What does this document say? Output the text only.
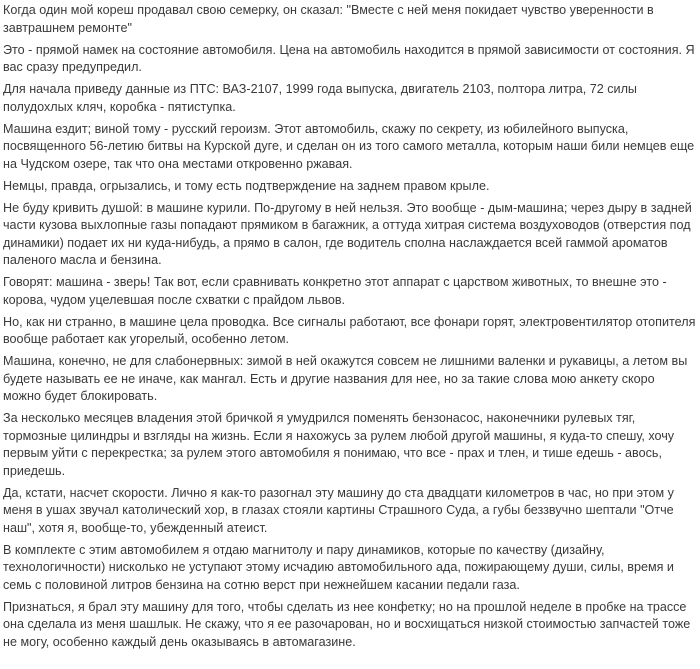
Когда один мой кореш продавал свою семерку, он сказал: "Вместе с ней меня покидает чувство уверенности в завтрашнем ремонте"

Это - прямой намек на состояние автомобиля. Цена на автомобиль находится в прямой зависимости от состояния. Я вас сразу предупредил.

Для начала приведу данные из ПТС: ВАЗ-2107, 1999 года выпуска, двигатель 2103, полтора литра, 72 силы полудохлых кляч, коробка - пятиступка.

Машина ездит; виной тому - русский героизм. Этот автомобиль, скажу по секрету, из юбилейного выпуска, посвященного 56-летию битвы на Курской дуге, и сделан он из того самого металла, которым наши били немцев еще на Чудском озере, так что она местами откровенно ржавая.

Немцы, правда, огрызались, и тому есть подтверждение на заднем правом крыле.

Не буду кривить душой: в машине курили. По-другому в ней нельзя. Это вообще - дым-машина; через дыру в задней части кузова выхлопные газы попадают прямиком в багажник, а оттуда хитрая система воздуховодов (отверстия под динамики) подает их ни куда-нибудь, а прямо в салон, где водитель сполна наслаждается всей гаммой ароматов паленого масла и бензина.

Говорят: машина - зверь! Так вот, если сравнивать конкретно этот аппарат с царством животных, то внешне это - корова, чудом уцелевшая после схватки с прайдом львов.

Но, как ни странно, в машине цела проводка. Все сигналы работают, все фонари горят, электровентилятор отопителя вообще работает как угорелый, особенно летом.

Машина, конечно, не для слабонервных: зимой в ней окажутся совсем не лишними валенки и рукавицы, а летом вы будете называть ее не иначе, как мангал. Есть и другие названия для нее, но за такие слова мою анкету скоро можно будет блокировать.

За несколько месяцев владения этой бричкой я умудрился поменять бензонасос, наконечники рулевых тяг, тормозные цилиндры и взгляды на жизнь. Если я нахожусь за рулем любой другой машины, я куда-то спешу, хочу первым уйти с перекрестка; за рулем этого автомобиля я понимаю, что все - прах и тлен, и тише едешь - авось, приедешь.

Да, кстати, насчет скорости. Лично я как-то разогнал эту машину до ста двадцати километров в час, но при этом у меня в ушах звучал католический хор, в глазах стояли картины Страшного Суда, а губы беззвучно шептали "Отче наш", хотя я, вообще-то, убежденный атеист.

В комплекте с этим автомобилем я отдаю магнитолу и пару динамиков, которые по качеству (дизайну, технологичности) нисколько не уступают этому исчадию автомобильного ада, пожирающему души, силы, время и семь с половиной литров бензина на сотню верст при нежнейшем касании педали газа.

Признаться, я брал эту машину для того, чтобы сделать из нее конфетку; но на прошлой неделе в пробке на трассе она сделала из меня шашлык. Не скажу, что я ее разочарован, но и восхищаться низкой стоимостью запчастей тоже не могу, особенно каждый день оказываясь в автомагазине.
